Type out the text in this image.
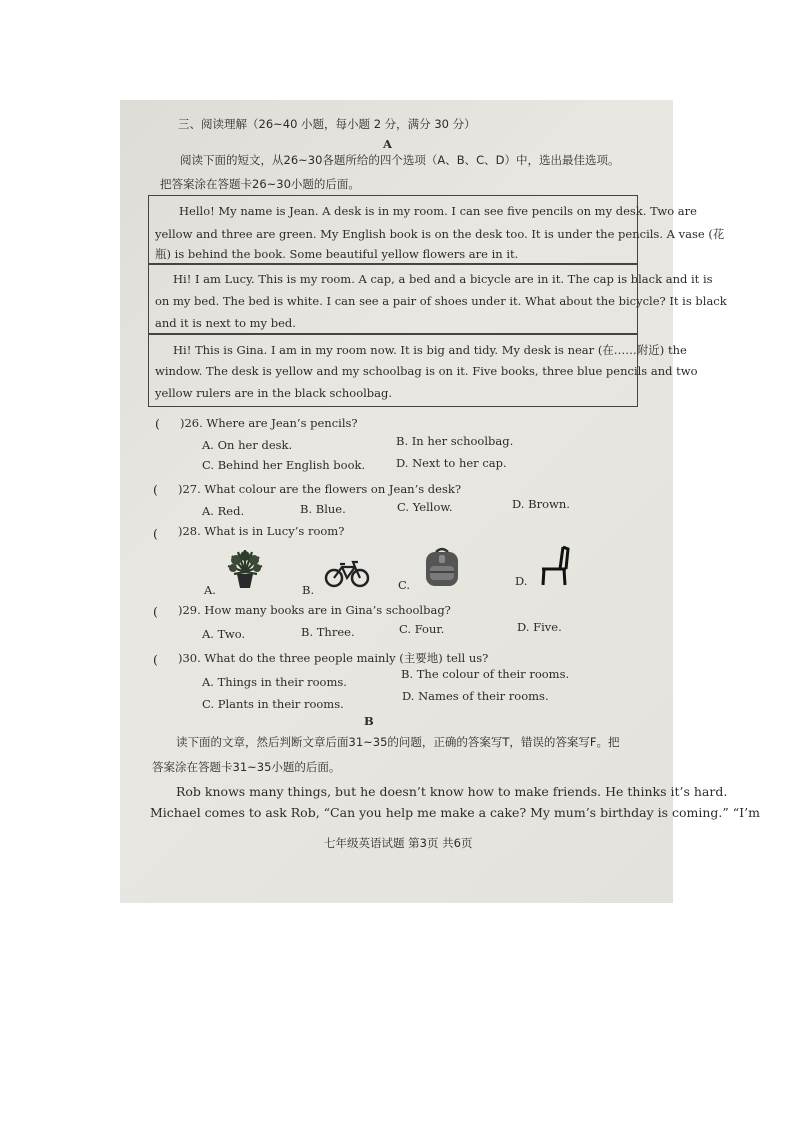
三、阅读理解（26~40 小题，每小题 2 分，满分 30 分）
A
阅读下面的短文，从26~30各题所给的四个选项（A、B、C、D）中，选出最佳选项。
把答案涂在答题卡26~30小题的后面。
Hello! My name is Jean. A desk is in my room. I can see five pencils on my desk. Two are
yellow and three are green. My English book is on the desk too. It is under the pencils. A vase (花
瓶) is behind the book. Some beautiful yellow flowers are in it.
Hi! I am Lucy. This is my room. A cap, a bed and a bicycle are in it. The cap is black and it is
on my bed. The bed is white. I can see a pair of shoes under it. What about the bicycle? It is black
and it is next to my bed.
Hi! This is Gina. I am in my room now. It is big and tidy. My desk is near (在……附近) the
window. The desk is yellow and my schoolbag is on it. Five books, three blue pencils and two
yellow rulers are in the black schoolbag.
( )26. Where are Jean’s pencils?
A. On her desk.	B. In her schoolbag.
C. Behind her English book.	D. Next to her cap.
( )27. What colour are the flowers on Jean’s desk?
A. Red.	B. Blue.	C. Yellow.	D. Brown.
( )28. What is in Lucy’s room?
A.	B.	C.	D.
( )29. How many books are in Gina’s schoolbag?
A. Two.	B. Three.	C. Four.	D. Five.
( )30. What do the three people mainly (主要地) tell us?
A. Things in their rooms.
B. The colour of their rooms.
C. Plants in their rooms.
D. Names of their rooms.
B
读下面的文章，然后判断文章后面31~35的问题，正确的答案写T，错误的答案写F。把
答案涂在答题卡31~35小题的后面。
Rob knows many things, but he doesn’t know how to make friends. He thinks it’s hard.
Michael comes to ask Rob, “Can you help me make a cake? My mum’s birthday is coming.” “I’m
七年级英语试题 第3页 共6页
